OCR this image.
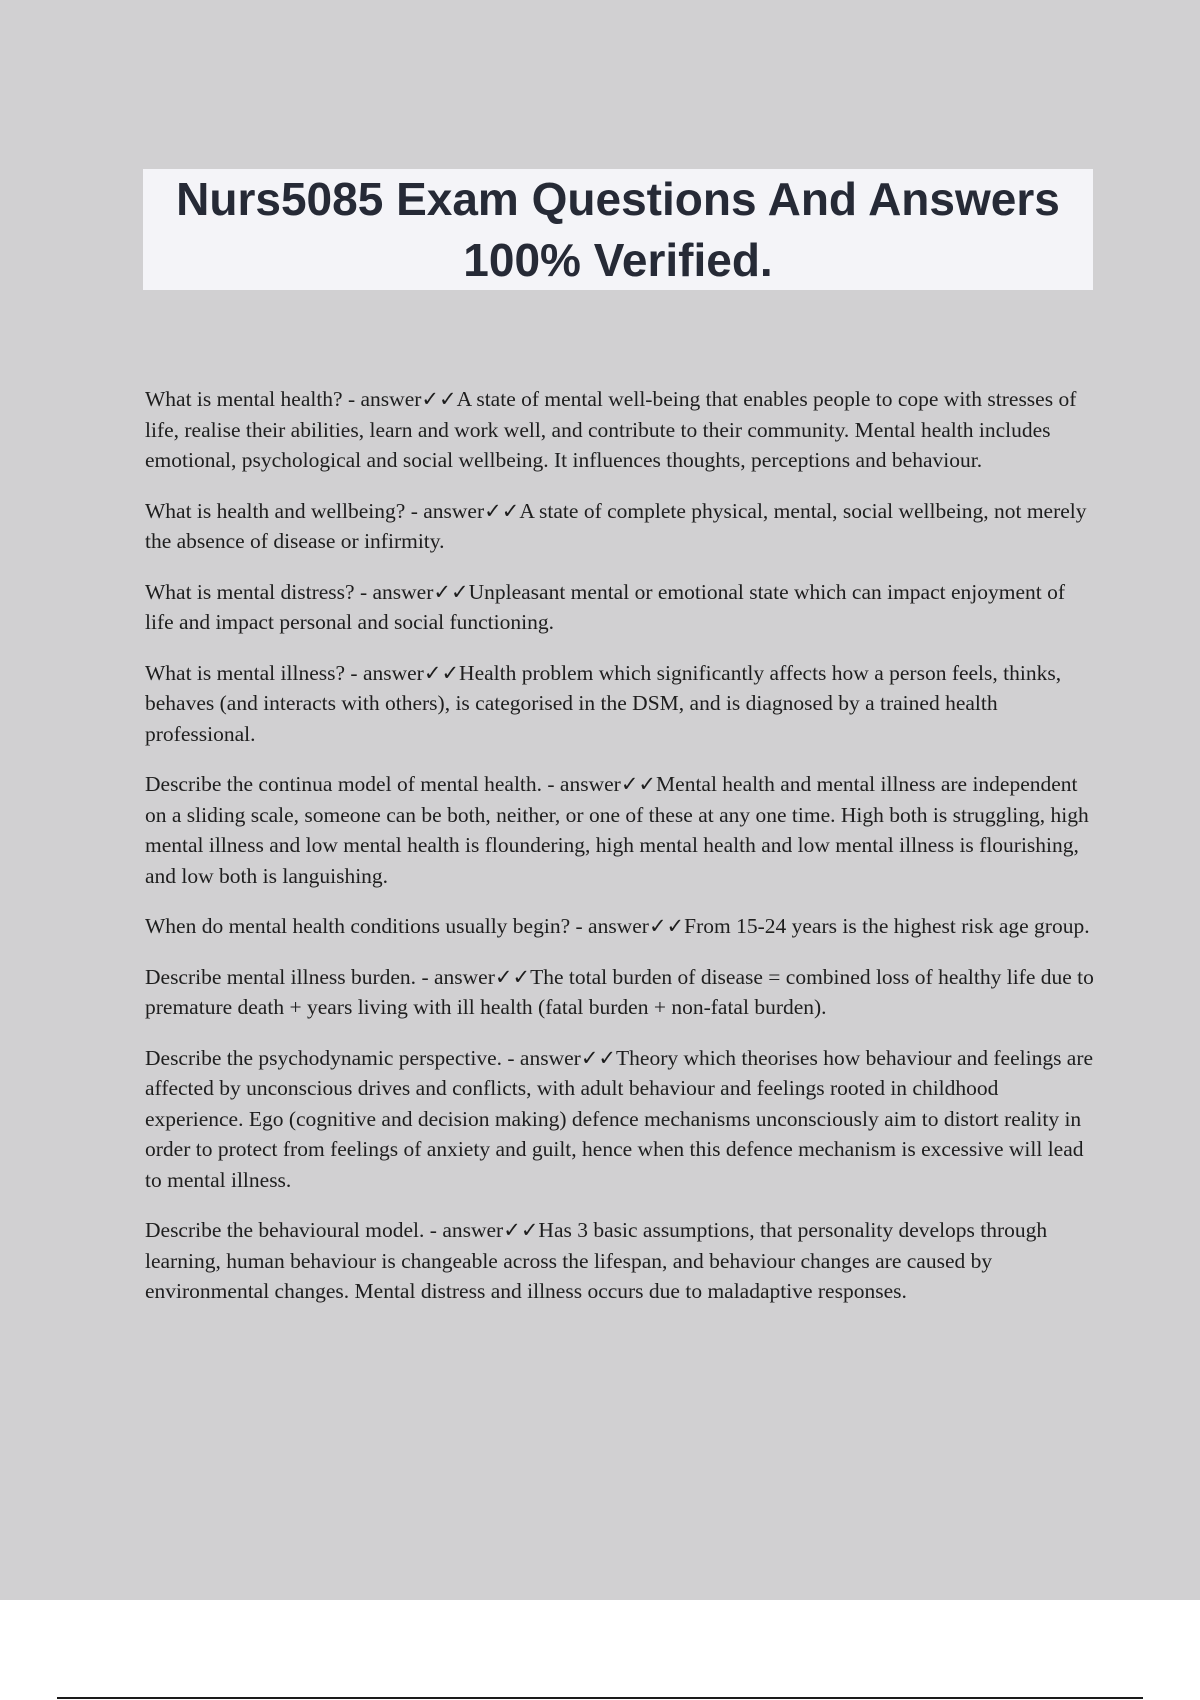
Nurs5085 Exam Questions And Answers 100% Verified.

What is mental health? - answer✓✓A state of mental well-being that enables people to cope with stresses of life, realise their abilities, learn and work well, and contribute to their community. Mental health includes emotional, psychological and social wellbeing. It influences thoughts, perceptions and behaviour.

What is health and wellbeing? - answer✓✓A state of complete physical, mental, social wellbeing, not merely the absence of disease or infirmity.

What is mental distress? - answer✓✓Unpleasant mental or emotional state which can impact enjoyment of life and impact personal and social functioning.

What is mental illness? - answer✓✓Health problem which significantly affects how a person feels, thinks, behaves (and interacts with others), is categorised in the DSM, and is diagnosed by a trained health professional.

Describe the continua model of mental health. - answer✓✓Mental health and mental illness are independent on a sliding scale, someone can be both, neither, or one of these at any one time. High both is struggling, high mental illness and low mental health is floundering, high mental health and low mental illness is flourishing, and low both is languishing.

When do mental health conditions usually begin? - answer✓✓From 15-24 years is the highest risk age group.

Describe mental illness burden. - answer✓✓The total burden of disease = combined loss of healthy life due to premature death + years living with ill health (fatal burden + non-fatal burden).

Describe the psychodynamic perspective. - answer✓✓Theory which theorises how behaviour and feelings are affected by unconscious drives and conflicts, with adult behaviour and feelings rooted in childhood experience. Ego (cognitive and decision making) defence mechanisms unconsciously aim to distort reality in order to protect from feelings of anxiety and guilt, hence when this defence mechanism is excessive will lead to mental illness.

Describe the behavioural model. - answer✓✓Has 3 basic assumptions, that personality develops through learning, human behaviour is changeable across the lifespan, and behaviour changes are caused by environmental changes. Mental distress and illness occurs due to maladaptive responses.
